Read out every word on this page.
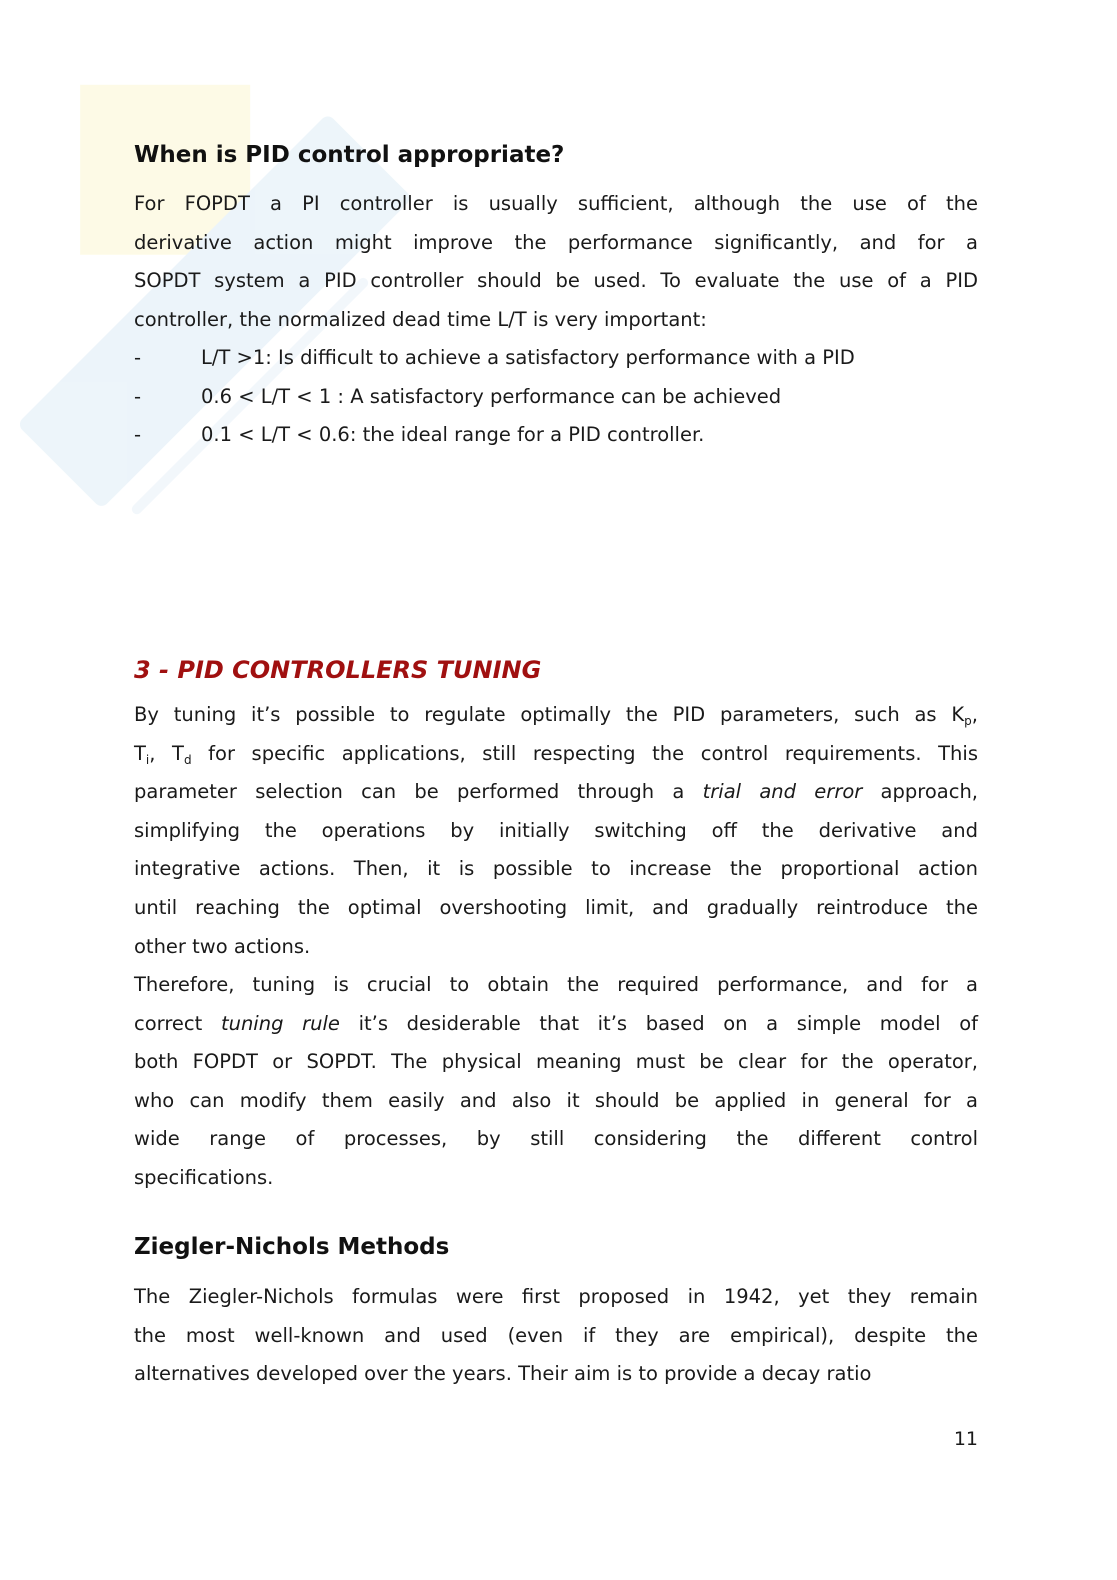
When is PID control appropriate?
For FOPDT a PI controller is usually sufficient, although the use of the
derivative action might improve the performance significantly, and for a
SOPDT system a PID controller should be used. To evaluate the use of a PID
controller, the normalized dead time L/T is very important:
-	L/T >1: Is difficult to achieve a satisfactory performance with a PID
-	0.6 < L/T < 1 : A satisfactory performance can be achieved
-	0.1 < L/T < 0.6: the ideal range for a PID controller.
3 - PID CONTROLLERS TUNING
By tuning it’s possible to regulate optimally the PID parameters, such as $K_p$,
$T_i$, $T_d$ for specific applications, still respecting the control requirements. This
parameter selection can be performed through a trial and error approach,
simplifying the operations by initially switching off the derivative and
integrative actions. Then, it is possible to increase the proportional action
until reaching the optimal overshooting limit, and gradually reintroduce the
other two actions.
Therefore, tuning is crucial to obtain the required performance, and for a
correct tuning rule it’s desiderable that it’s based on a simple model of
both FOPDT or SOPDT. The physical meaning must be clear for the operator,
who can modify them easily and also it should be applied in general for a
wide range of processes, by still considering the different control
specifications.
Ziegler-Nichols Methods
The Ziegler-Nichols formulas were first proposed in 1942, yet they remain
the most well-known and used (even if they are empirical), despite the
alternatives developed over the years. Their aim is to provide a decay ratio
11
